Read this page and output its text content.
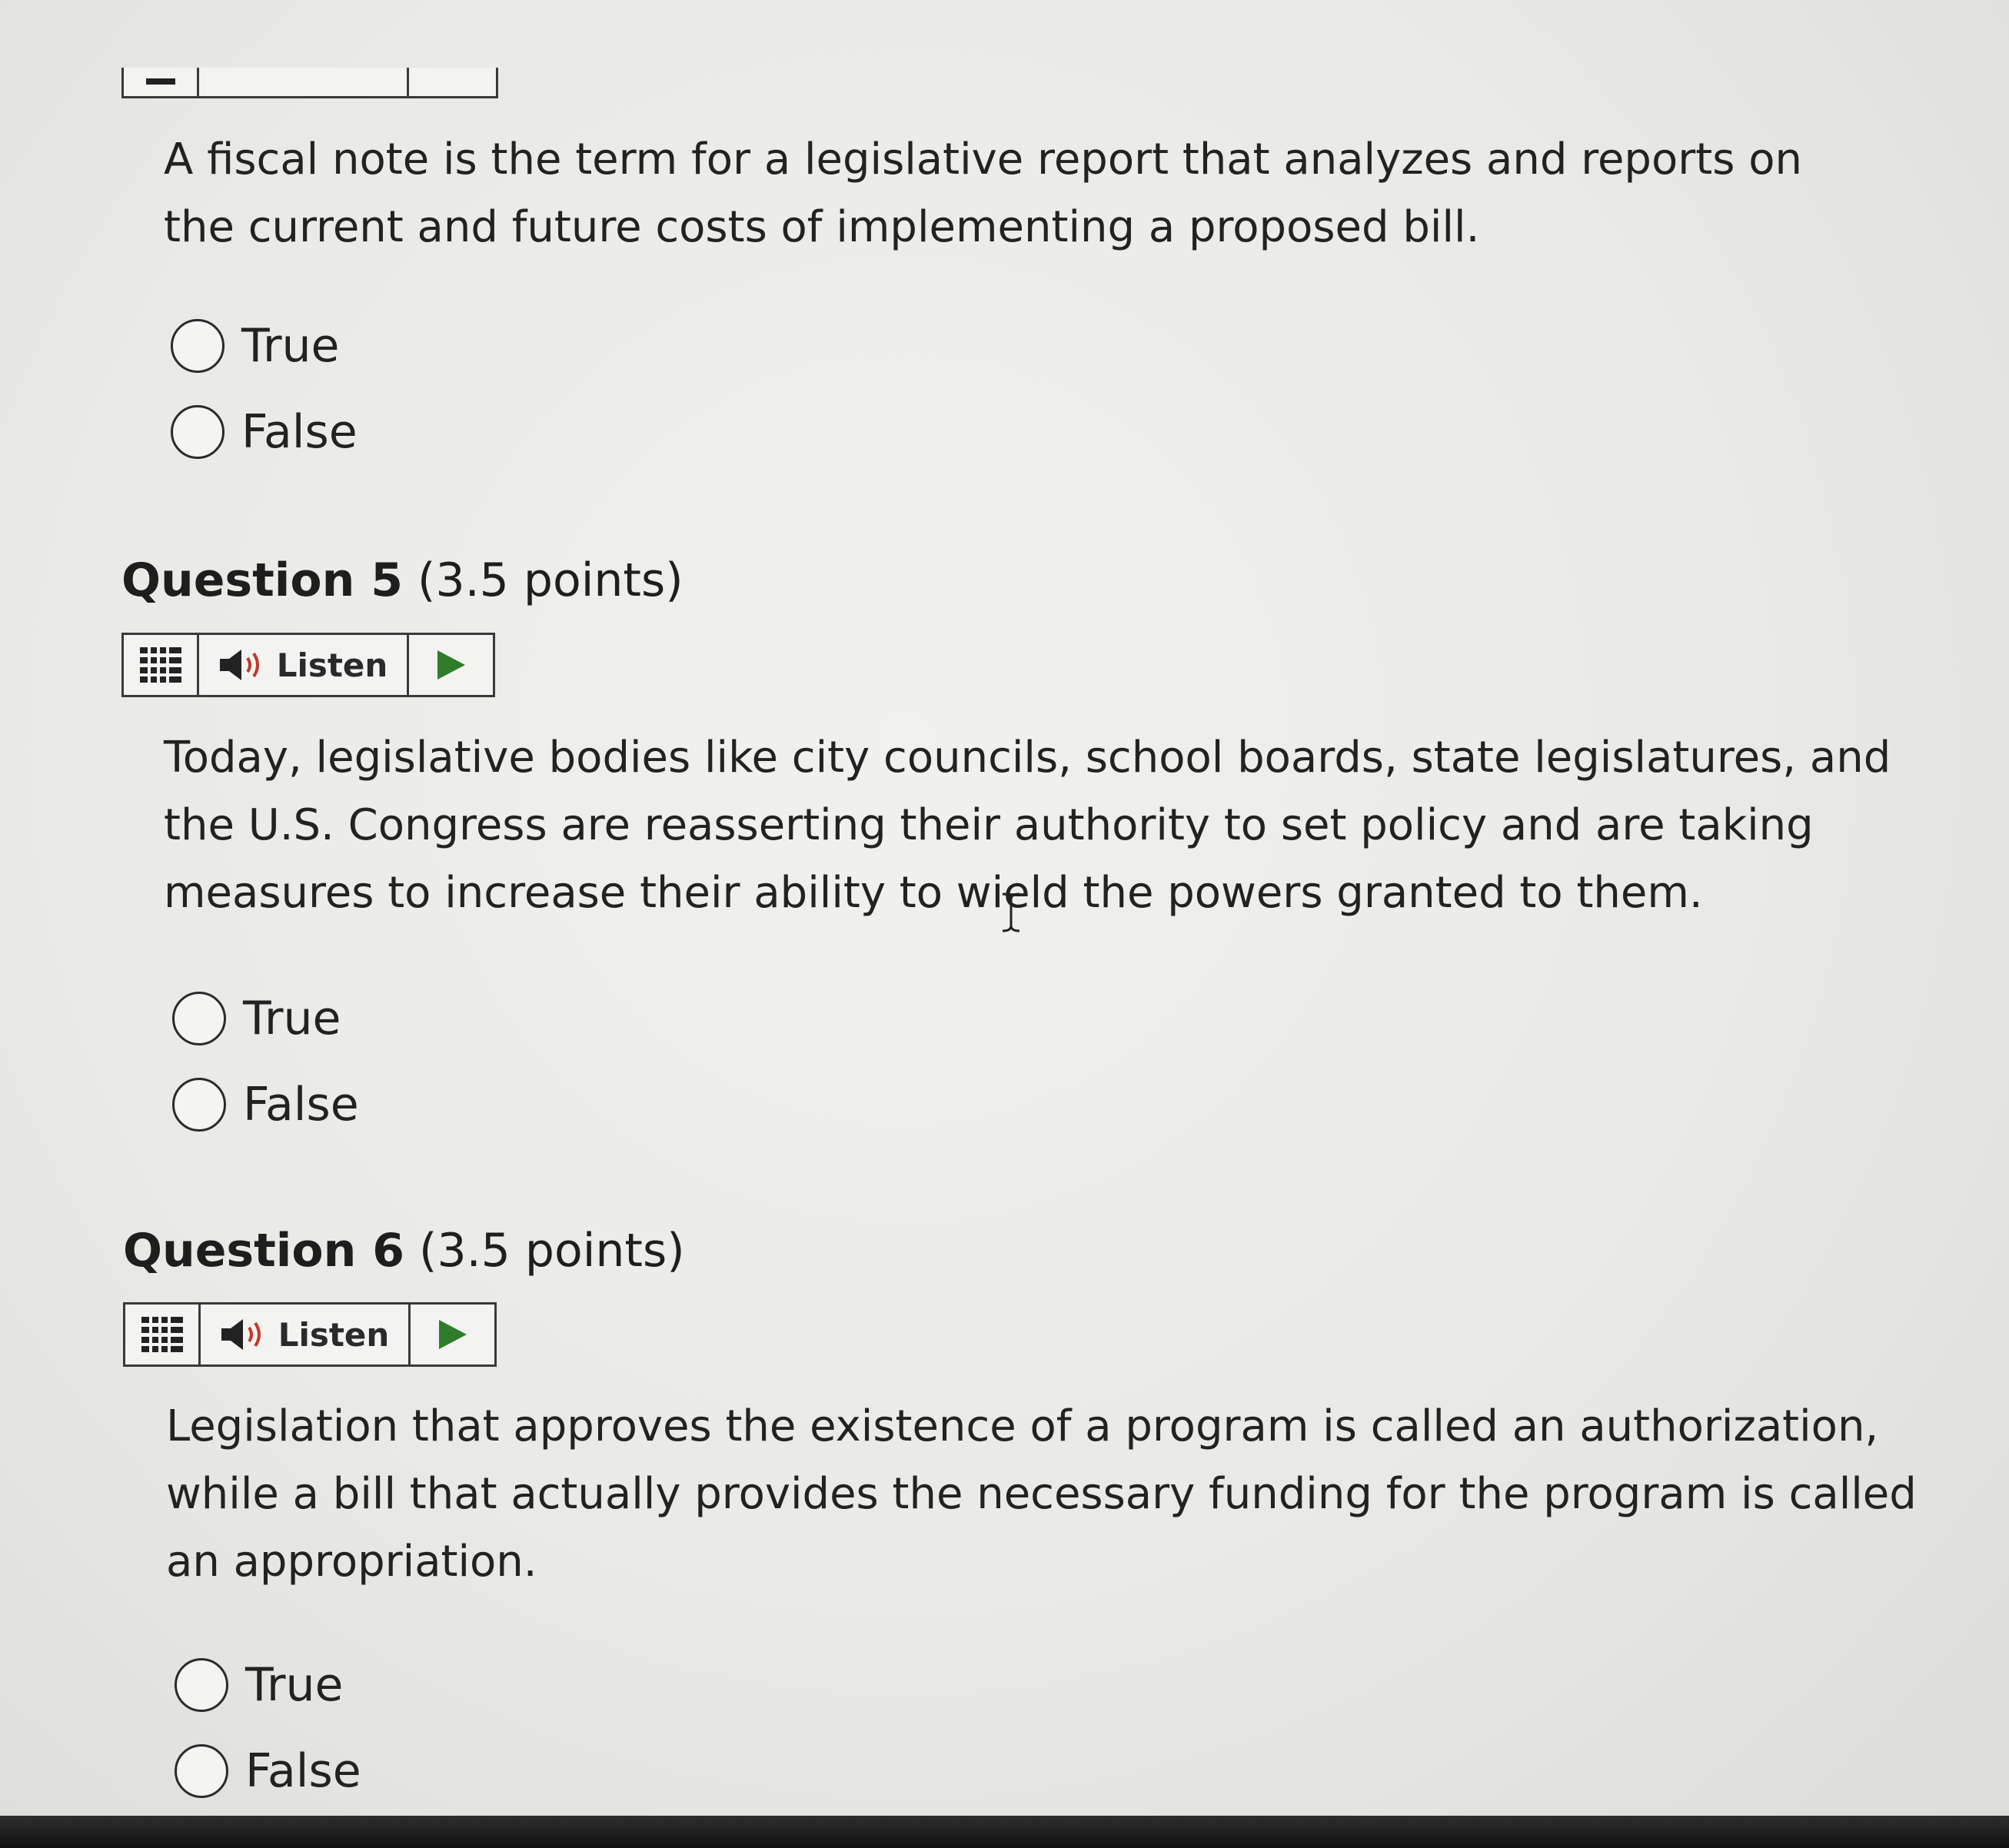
A fiscal note is the term for a legislative report that analyzes and reports on the current and future costs of implementing a proposed bill.
True
False
Question 5 (3.5 points)
Listen
Today, legislative bodies like city councils, school boards, state legislatures, and the U.S. Congress are reasserting their authority to set policy and are taking measures to increase their ability to wield the powers granted to them.
True
False
Question 6 (3.5 points)
Listen
Legislation that approves the existence of a program is called an authorization, while a bill that actually provides the necessary funding for the program is called an appropriation.
True
False
